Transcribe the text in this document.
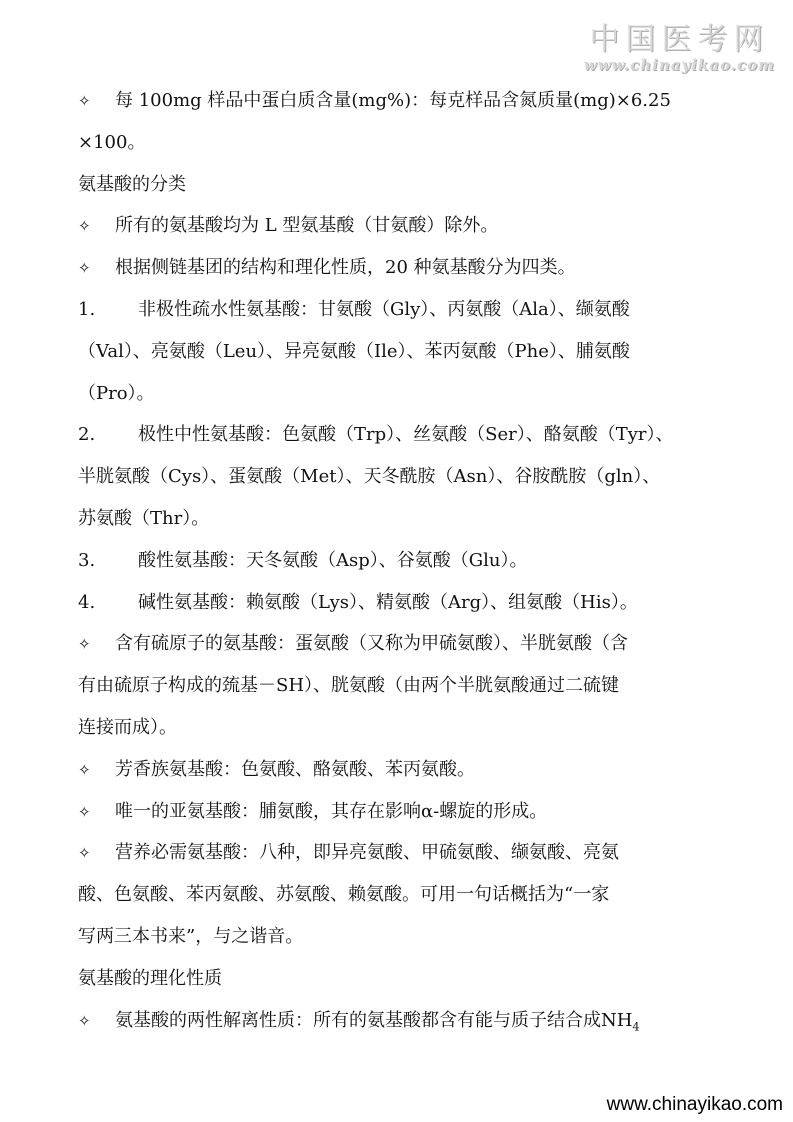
中国医考网
www.chinayikao.com
✧ 每 100mg 样品中蛋白质含量(mg%)：每克样品含氮质量(mg)×6.25
×100。
氨基酸的分类
✧ 所有的氨基酸均为 L 型氨基酸（甘氨酸）除外。
✧ 根据侧链基团的结构和理化性质，20 种氨基酸分为四类。
1. 非极性疏水性氨基酸：甘氨酸（Gly）、丙氨酸（Ala）、缬氨酸
（Val）、亮氨酸（Leu）、异亮氨酸（Ile）、苯丙氨酸（Phe）、脯氨酸
（Pro）。
2. 极性中性氨基酸：色氨酸（Trp）、丝氨酸（Ser）、酪氨酸（Tyr）、
半胱氨酸（Cys）、蛋氨酸（Met）、天冬酰胺（Asn）、谷胺酰胺（gln）、
苏氨酸（Thr）。
3. 酸性氨基酸：天冬氨酸（Asp）、谷氨酸（Glu）。
4. 碱性氨基酸：赖氨酸（Lys）、精氨酸（Arg）、组氨酸（His）。
✧ 含有硫原子的氨基酸：蛋氨酸（又称为甲硫氨酸）、半胱氨酸（含
有由硫原子构成的巯基－SH）、胱氨酸（由两个半胱氨酸通过二硫键
连接而成）。
✧ 芳香族氨基酸：色氨酸、酪氨酸、苯丙氨酸。
✧ 唯一的亚氨基酸：脯氨酸，其存在影响α-螺旋的形成。
✧ 营养必需氨基酸：八种，即异亮氨酸、甲硫氨酸、缬氨酸、亮氨
酸、色氨酸、苯丙氨酸、苏氨酸、赖氨酸。可用一句话概括为“一家
写两三本书来”，与之谐音。
氨基酸的理化性质
✧ 氨基酸的两性解离性质：所有的氨基酸都含有能与质子结合成$NH_4$
www.chinayikao.com
